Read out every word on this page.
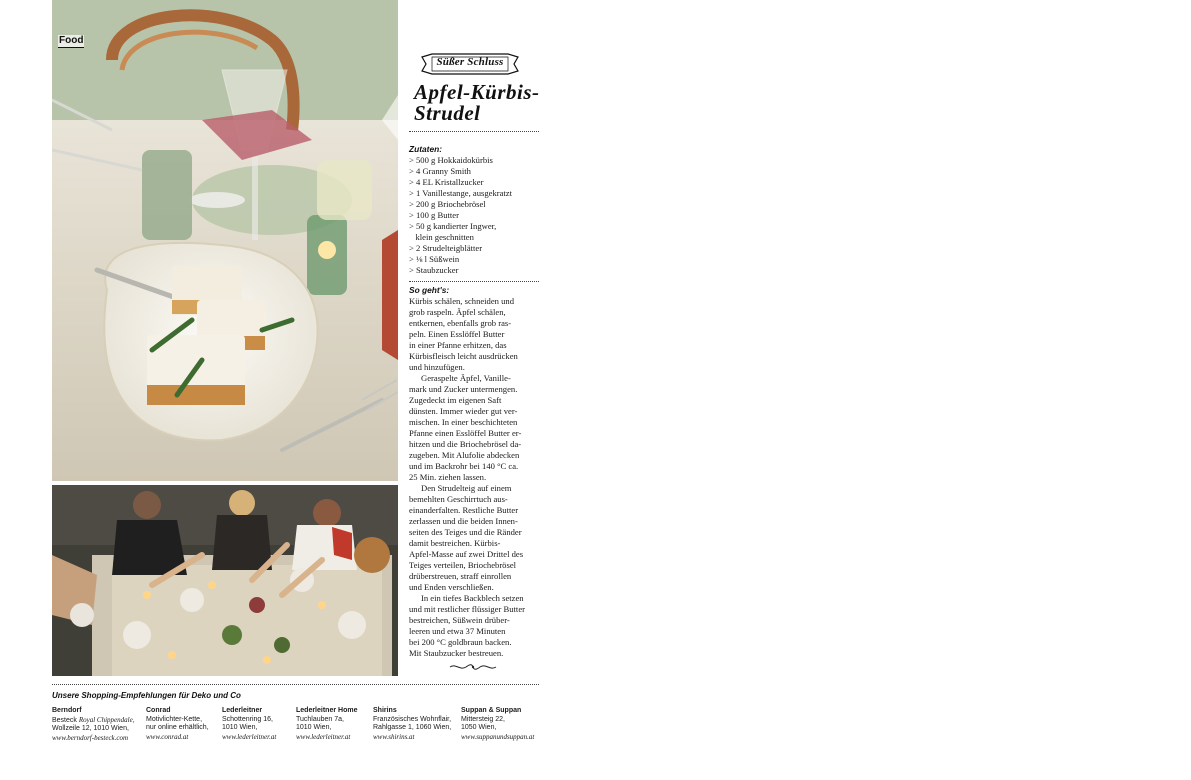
Food
Süßer Schluss
Apfel-Kürbis-
Strudel
Zutaten:
> 500 g Hokkaidokürbis
> 4 Granny Smith
> 4 EL Kristallzucker
> 1 Vanillestange, ausgekratzt
> 200 g Briochebrösel
> 100 g Butter
> 50 g kandierter Ingwer,
klein geschnitten
> 2 Strudelteigblätter
> ⅛ l Süßwein
> Staubzucker
So geht's:
Kürbis schälen, schneiden und
grob raspeln. Äpfel schälen,
entkernen, ebenfalls grob ras-
peln. Einen Esslöffel Butter
in einer Pfanne erhitzen, das
Kürbisfleisch leicht ausdrücken
und hinzufügen.
Geraspelte Äpfel, Vanille-
mark und Zucker untermengen.
Zugedeckt im eigenen Saft
dünsten. Immer wieder gut ver-
mischen. In einer beschichteten
Pfanne einen Esslöffel Butter er-
hitzen und die Briochebrösel da-
zugeben. Mit Alufolie abdecken
und im Backrohr bei 140 °C ca.
25 Min. ziehen lassen.
Den Strudelteig auf einem
bemehlten Geschirrtuch aus-
einanderfalten. Restliche Butter
zerlassen und die beiden Innen-
seiten des Teiges und die Ränder
damit bestreichen. Kürbis-
Apfel-Masse auf zwei Drittel des
Teiges verteilen, Briochebrösel
drüberstreuen, straff einrollen
und Enden verschließen.
In ein tiefes Backblech setzen
und mit restlicher flüssiger Butter
bestreichen, Süßwein drüber-
leeren und etwa 37 Minuten
bei 200 °C goldbraun backen.
Mit Staubzucker bestreuen.
Unsere Shopping-Empfehlungen für Deko und Co
Berndorf
Besteck Royal Chippendale,
Wollzeile 12, 1010 Wien,
www.berndorf-besteck.com
Conrad
Motivlichter-Kette,
nur online erhältlich,
www.conrad.at
Lederleitner
Schottenring 16,
1010 Wien,
www.lederleitner.at
Lederleitner Home
Tuchlauben 7a,
1010 Wien,
www.lederleitner.at
Shirins
Französisches Wohnflair,
Rahlgasse 1, 1060 Wien,
www.shirins.at
Suppan & Suppan
Mittersteig 22,
1050 Wien,
www.suppanundsuppan.at
